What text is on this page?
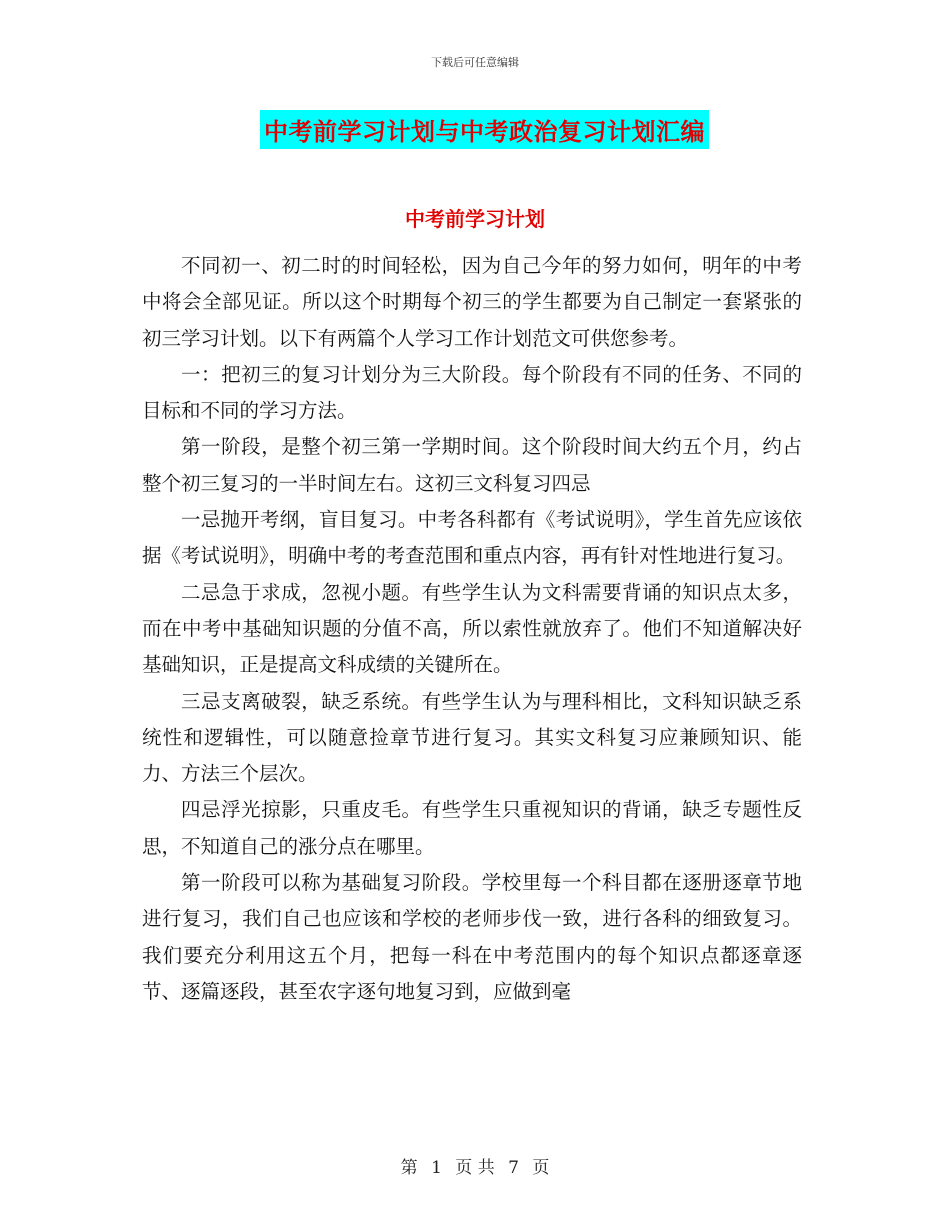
下载后可任意编辑
中考前学习计划与中考政治复习计划汇编
中考前学习计划

不同初一、初二时的时间轻松，因为自己今年的努力如何，明年的中考中将会全部见证。所以这个时期每个初三的学生都要为自己制定一套紧张的初三学习计划。以下有两篇个人学习工作计划范文可供您参考。

一：把初三的复习计划分为三大阶段。每个阶段有不同的任务、不同的目标和不同的学习方法。

第一阶段，是整个初三第一学期时间。这个阶段时间大约五个月，约占整个初三复习的一半时间左右。这初三文科复习四忌

一忌抛开考纲，盲目复习。中考各科都有《考试说明》，学生首先应该依据《考试说明》，明确中考的考查范围和重点内容，再有针对性地进行复习。

二忌急于求成，忽视小题。有些学生认为文科需要背诵的知识点太多，而在中考中基础知识题的分值不高，所以索性就放弃了。他们不知道解决好基础知识，正是提高文科成绩的关键所在。

三忌支离破裂，缺乏系统。有些学生认为与理科相比，文科知识缺乏系统性和逻辑性，可以随意捡章节进行复习。其实文科复习应兼顾知识、能力、方法三个层次。

四忌浮光掠影，只重皮毛。有些学生只重视知识的背诵，缺乏专题性反思，不知道自己的涨分点在哪里。

第一阶段可以称为基础复习阶段。学校里每一个科目都在逐册逐章节地进行复习，我们自己也应该和学校的老师步伐一致，进行各科的细致复习。我们要充分利用这五个月，把每一科在中考范围内的每个知识点都逐章逐节、逐篇逐段，甚至农字逐句地复习到，应做到毫

第 1 页 共 7 页
